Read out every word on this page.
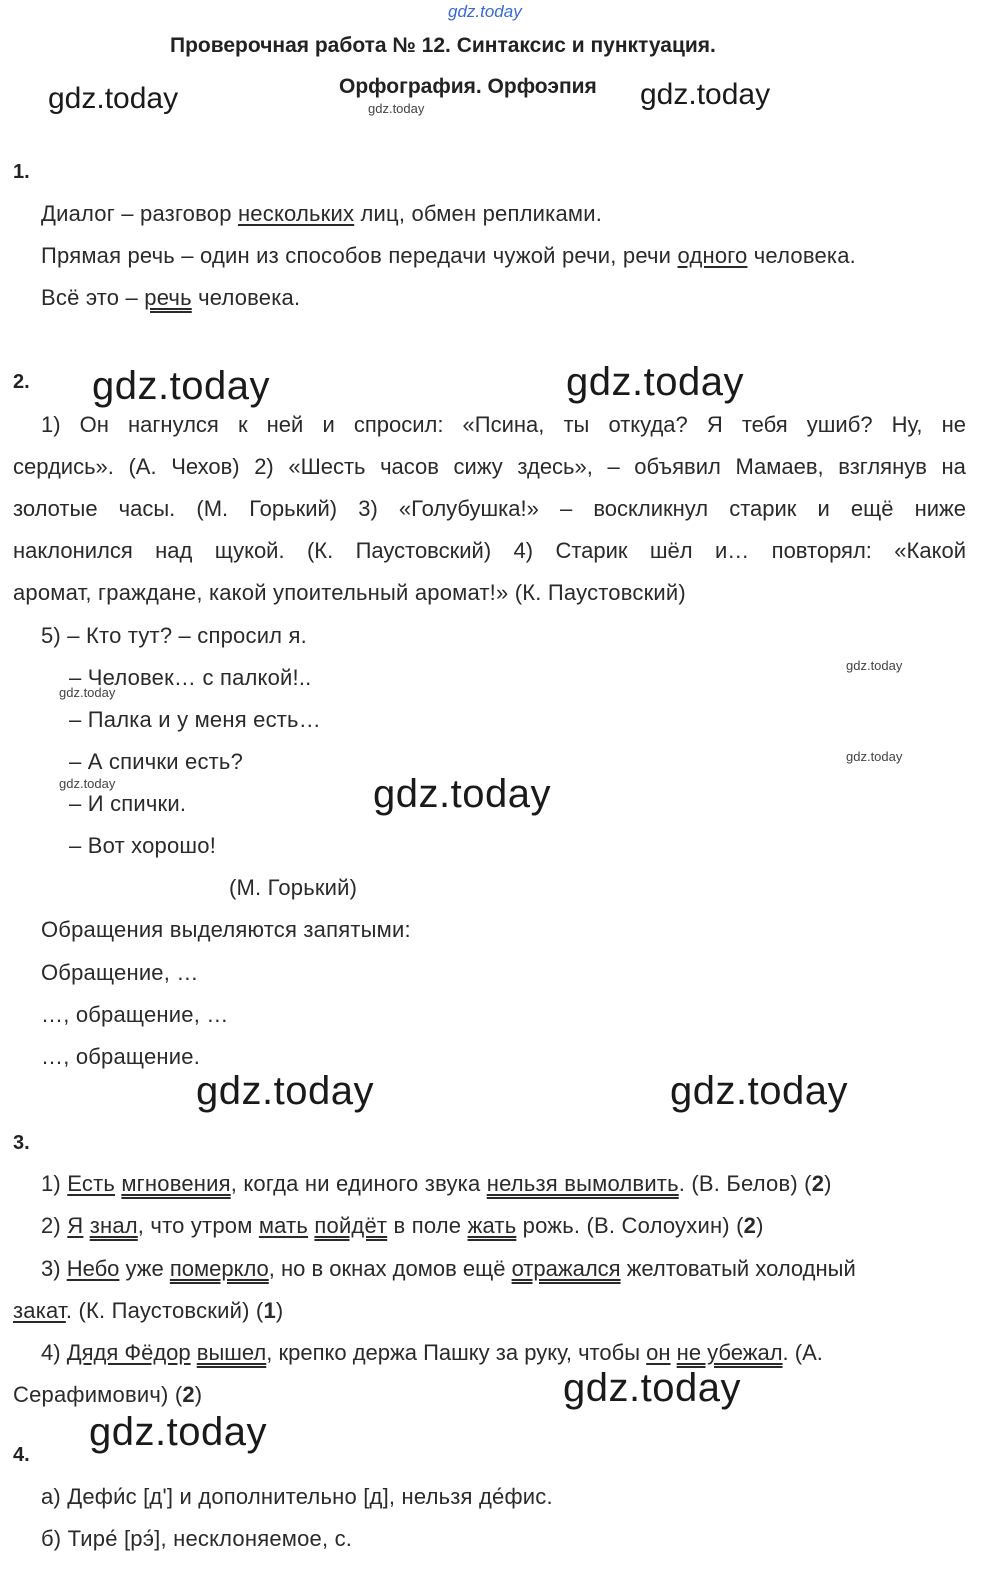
gdz.today
gdz.today	gdz.today
gdz.today
gdz.today	gdz.today
gdz.today
gdz.today
gdz.today
gdz.today	gdz.today
gdz.today	gdz.today
gdz.today
gdz.today
Проверочная работа № 12. Синтаксис и пунктуация.
Орфография. Орфоэпия
1.
2.
3.
4.
Диалог – разговор нескольких лиц, обмен репликами.
Прямая речь – один из способов передачи чужой речи, речи одного человека.
Всё это – речь человека.
1) Он нагнулся к ней и спросил: «Псина, ты откуда? Я тебя ушиб? Ну, не
сердись». (А. Чехов) 2) «Шесть часов сижу здесь», – объявил Мамаев, взглянув на
золотые часы. (М. Горький) 3) «Голубушка!» – воскликнул старик и ещё ниже
наклонился над щукой. (К. Паустовский) 4) Старик шёл и… повторял: «Какой
аромат, граждане, какой упоительный аромат!» (К. Паустовский)
5) – Кто тут? – спросил я.
– Человек… с палкой!..
– Палка и у меня есть…
– А спички есть?
– И спички.
– Вот хорошо!
(М. Горький)
Обращения выделяются запятыми:
Обращение, …
…, обращение, …
…, обращение.
1) Есть мгновения, когда ни единого звука нельзя вымолвить. (В. Белов) (2)
2) Я знал, что утром мать пойдёт в поле жать рожь. (В. Солоухин) (2)
3) Небо уже померкло, но в окнах домов ещё отражался желтоватый холодный
закат. (К. Паустовский) (1)
4) Дядя Фёдор вышел, крепко держа Пашку за руку, чтобы он не убежал. (А.
Серафимович) (2)
а) Дефи́с [д'] и дополнительно [д], нельзя де́фис.
б) Тире́ [рэ́], несклоняемое, с.
